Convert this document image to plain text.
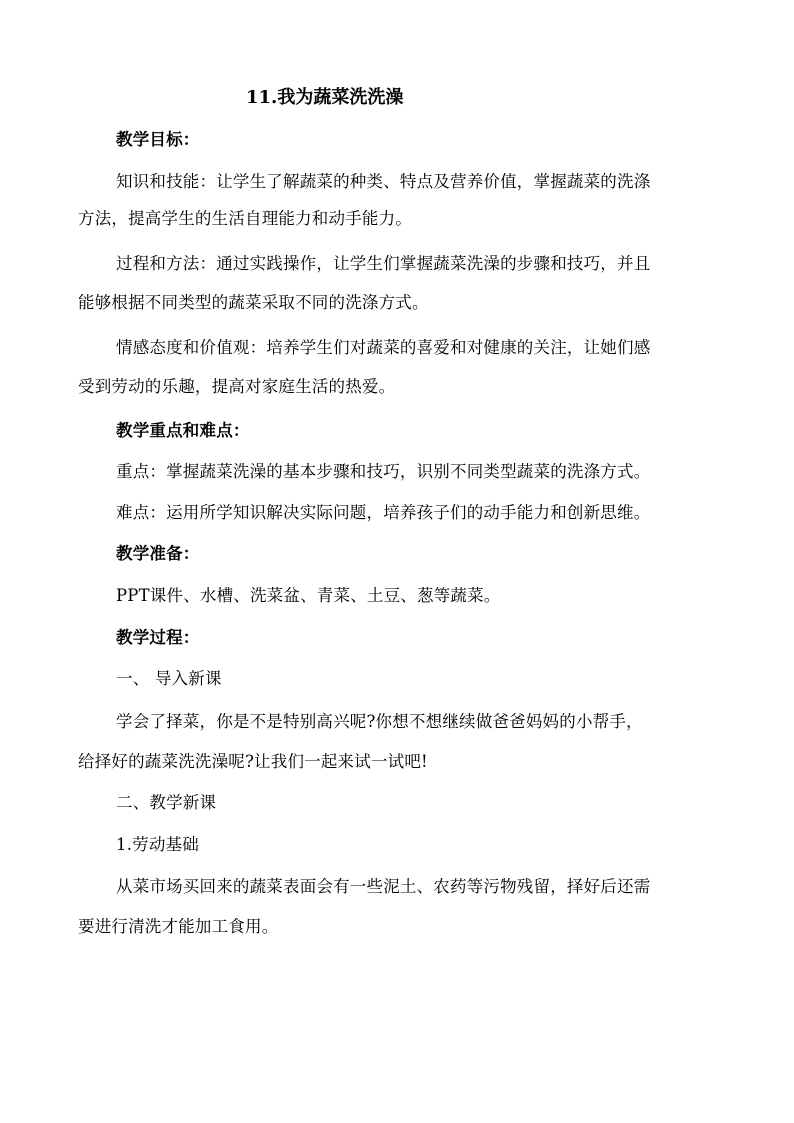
11.我为蔬菜洗洗澡
教学目标：
知识和技能：让学生了解蔬菜的种类、特点及营养价值，掌握蔬菜的洗涤
方法，提高学生的生活自理能力和动手能力。
过程和方法：通过实践操作，让学生们掌握蔬菜洗澡的步骤和技巧，并且
能够根据不同类型的蔬菜采取不同的洗涤方式。
情感态度和价值观：培养学生们对蔬菜的喜爱和对健康的关注，让她们感
受到劳动的乐趣，提高对家庭生活的热爱。
教学重点和难点：
重点：掌握蔬菜洗澡的基本步骤和技巧，识别不同类型蔬菜的洗涤方式。
难点：运用所学知识解决实际问题，培养孩子们的动手能力和创新思维。
教学准备：
PPT课件、水槽、洗菜盆、青菜、土豆、葱等蔬菜。
教学过程：
一、 导入新课
学会了择菜，你是不是特别高兴呢?你想不想继续做爸爸妈妈的小帮手，
给择好的蔬菜洗洗澡呢?让我们一起来试一试吧!
二、教学新课
1.劳动基础
从菜市场买回来的蔬菜表面会有一些泥土、农药等污物残留，择好后还需
要进行清洗才能加工食用。
